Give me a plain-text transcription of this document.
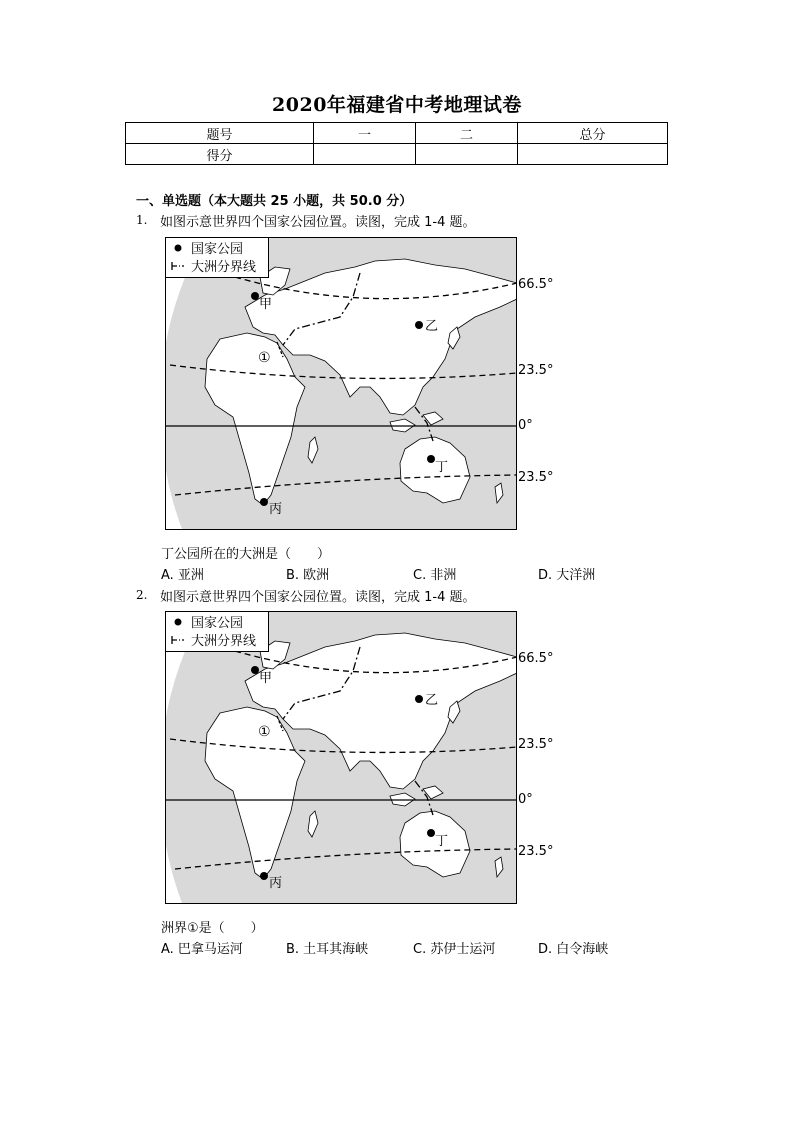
2020年福建省中考地理试卷
题号	一	二	总分
得分			
一、单选题（本大题共 25 小题，共 50.0 分）
1. 如图示意世界四个国家公园位置。读图，完成 1-4 题。
国家公园
大洲分界线
甲
乙
丙
丁
①
66.5°
23.5°
0°
23.5°
丁公园所在的大洲是（　　）
A. 亚洲	B. 欧洲	C. 非洲	D. 大洋洲
2. 如图示意世界四个国家公园位置。读图，完成 1-4 题。
国家公园
大洲分界线
甲
乙
丙
丁
①
66.5°
23.5°
0°
23.5°
洲界①是（　　）
A. 巴拿马运河	B. 土耳其海峡	C. 苏伊士运河	D. 白令海峡
